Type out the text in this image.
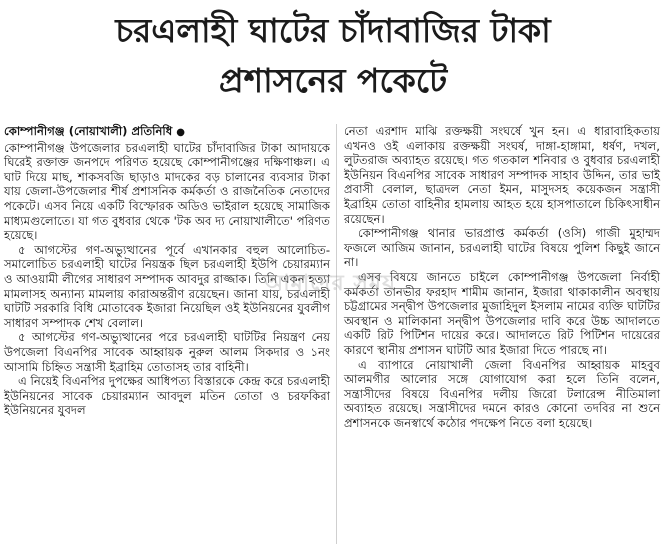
চরএলাহী ঘাটের চাঁদাবাজির টাকা
প্রশাসনের পকেটে

কোম্পানীগঞ্জ (নোয়াখালী) প্রতিনিধি ●

কোম্পানীগঞ্জ উপজেলার চরএলাহী ঘাটের চাঁদাবাজির টাকা আদায়কে ঘিরেই রক্তাক্ত জনপদে পরিণত হয়েছে কোম্পানীগঞ্জের দক্ষিণাঞ্চল। এ ঘাট দিয়ে মাছ, শাকসবজি ছাড়াও মাদকের বড় চালানের ব্যবসার টাকা যায় জেলা-উপজেলার শীর্ষ প্রশাসনিক কর্মকর্তা ও রাজনৈতিক নেতাদের পকেটে। এসব নিয়ে একটি বিস্ফোরক অডিও ভাইরাল হয়েছে সামাজিক মাধ্যমগুলোতে। যা গত বুধবার থেকে 'টক অব দ্য নোয়াখালীতে' পরিণত হয়েছে।

৫ আগস্টের গণ-অভ্যুত্থানের পূর্বে এখানকার বহুল আলোচিত-সমালোচিত চরএলাহী ঘাটের নিয়ন্ত্রক ছিল চরএলাহী ইউপি চেয়ারম্যান ও আওয়ামী লীগের সাধারণ সম্পাদক আবদুর রাজ্জাক। তিনি একন হত্যা মামলাসহ অন্যান্য মামলায় কারাঅন্তরীণ রয়েছেন। জানা যায়, চরএলাহী ঘাটটি সরকারি বিধি মোতাবেক ইজারা নিয়েছিল ওই ইউনিয়নের যুবলীগ সাধারণ সম্পাদক শেখ বেলাল।

৫ আগস্টের গণ-অভ্যুত্থানের পরে চরএলাহী ঘাটটির নিয়ন্ত্রণ নেয় উপজেলা বিএনপির সাবেক আহ্বায়ক নুরুল আলম সিকদার ও ১নং আসামি চিহ্নিত সন্ত্রাসী ইব্রাহিম তোতাসহ তার বাহিনী।

এ নিয়েই বিএনপির দুপক্ষের আধিপত্য বিস্তারকে কেন্দ্র করে চরএলাহী ইউনিয়নের সাবেক চেয়ারম্যান আবদুল মতিন তোতা ও চরফকিরা ইউনিয়নের যুবদল

নেতা এরশাদ মাঝি রক্তক্ষয়ী সংঘর্ষে খুন হন। এ ধারাবাহিকতায় এখনও ওই এলাকায় রক্তক্ষয়ী সংঘর্ষ, দাঙ্গা-হাঙ্গামা, ধর্ষণ, দখল, লুটতরাজ অব্যাহত রয়েছে। গত গতকাল শনিবার ও বুধবার চরএলাহী ইউনিয়ন বিএনপির সাবেক সাধারণ সম্পাদক সাহাব উদ্দিন, তার ভাই প্রবাসী বেলাল, ছাত্রদল নেতা ইমন, মাসুদসহ কয়েকজন সন্ত্রাসী ইব্রাহিম তোতা বাহিনীর হামলায় আহত হয়ে হাসপাতালে চিকিৎসাধীন রয়েছেন।

কোম্পানীগঞ্জ থানার ভারপ্রাপ্ত কর্মকর্তা (ওসি) গাজী মুহাম্মদ ফজলে আজিম জানান, চরএলাহী ঘাটের বিষয়ে পুলিশ কিছুই জানে না।

এসব বিষয়ে জানতে চাইলে কোম্পানীগঞ্জ উপজেলা নির্বাহী কর্মকর্তা তানভীর ফরহাদ শামীম জানান, ইজারা থাকাকালীন অবস্থায় চট্টগ্রামের সন্দ্বীপ উপজেলার মুজাহিদুল ইসলাম নামের ব্যক্তি ঘাটটির অবস্থান ও মালিকানা সন্দ্বীপ উপজেলার দাবি করে উচ্চ আদালতে একটি রিট পিটিশন দায়ের করে। আদালতে রিট পিটিশন দায়েরের কারণে স্থানীয় প্রশাসন ঘাটটি আর ইজারা দিতে পারছে না।

এ ব্যাপারে নোয়াখালী জেলা বিএনপির আহ্বায়ক মাহবুব আলমগীর আলোর সঙ্গে যোগাযোগ করা হলে তিনি বলেন, সন্ত্রাসীদের বিষয়ে বিএনপির দলীয় জিরো টলারেন্স নীতিমালা অব্যাহত রয়েছে। সন্ত্রাসীদের দমনে কারও কোনো তদবির না শুনে প্রশাসনকে জনস্বার্থে কঠোর পদক্ষেপ নিতে বলা হয়েছে।

আমাদের সময়
